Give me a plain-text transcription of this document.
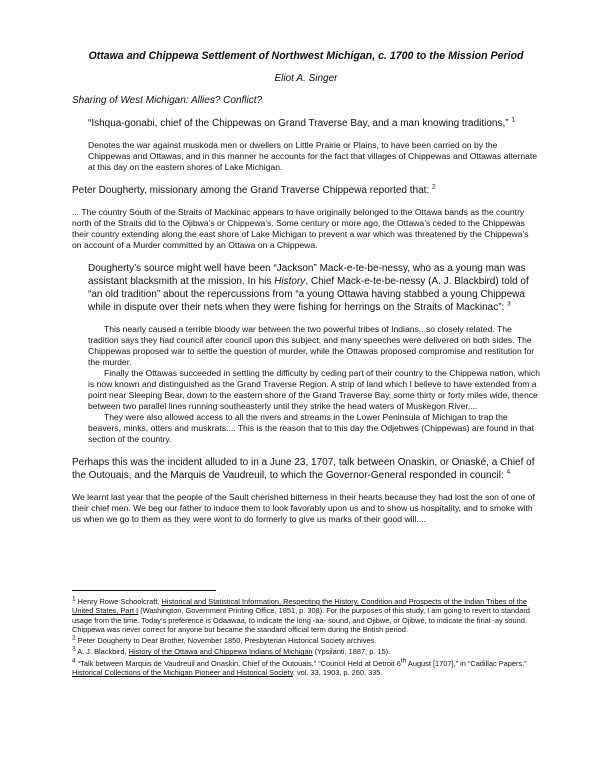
Ottawa and Chippewa Settlement of Northwest Michigan, c. 1700 to the Mission Period

Eliot A. Singer

Sharing of West Michigan: Allies? Conflict?

“Ishqua-gonabi, chief of the Chippewas on Grand Traverse Bay, and a man knowing traditions,” $^1$

Denotes the war against muskoda men or dwellers on Little Prairie or Plains, to have been carried on by the Chippewas and Ottawas, and in this manner he accounts for the fact that villages of Chippewas and Ottawas alternate at this day on the eastern shores of Lake Michigan.

Peter Dougherty, missionary among the Grand Traverse Chippewa reported that: $^2$

... The country South of the Straits of Mackinac appears to have originally belonged to the Ottawa bands as the country north of the Straits did to the Ojibwa’s or Chippewa’s. Some century or more ago, the Ottawa’s ceded to the Chippewas their country extending along the east shore of Lake Michigan to prevent a war which was threatened by the Chippewa’s on account of a Murder committed by an Ottawa on a Chippewa.

Dougherty’s source might well have been “Jackson” Mack-e-te-be-nessy, who as a young man was assistant blacksmith at the mission. In his History, Chief Mack-e-te-be-nessy (A. J. Blackbird) told of “an old tradition” about the repercussions from “a young Ottawa having stabbed a young Chippewa while in dispute over their nets when they were fishing for herrings on the Straits of Mackinac”: $^3$

This nearly caused a terrible bloody war between the two powerful tribes of Indians...so closely related. The tradition says they had council after council upon this subject, and many speeches were delivered on both sides. The Chippewas proposed war to settle the question of murder, while the Ottawas proposed compromise and restitution for the murder.

Finally the Ottawas succeeded in settling the difficulty by ceding part of their country to the Chippewa nation, which is now known and distinguished as the Grand Traverse Region. A strip of land which I believe to have extended from a point near Sleeping Bear, down to the eastern shore of the Grand Traverse Bay, some thirty or forty miles wide, thence between two parallel lines running southeasterly until they strike the head waters of Muskegon River....

They were also allowed access to all the rivers and streams in the Lower Peninsula of Michigan to trap the beavers, minks, otters and muskrats.... This is the reason that to this day the Odjebwes (Chippewas) are found in that section of the country.

Perhaps this was the incident alluded to in a June 23, 1707, talk between Onaskin, or Onaské, a Chief of the Outouais, and the Marquis de Vaudreuil, to which the Governor-General responded in council: $^4$

We learnt last year that the people of the Sault cherished bitterness in their hearts because they had lost the son of one of their chief men. We beg our father to induce them to look favorably upon us and to show us hospitality, and to smoke with us when we go to them as they were wont to do formerly to give us marks of their good will....

$^1$ Henry Rowe Schoolcraft, Historical and Statistical Information, Respecting the History, Condition and Prospects of the Indian Tribes of the United States, Part I (Washington, Government Printing Office, 1851, p. 308). For the purposes of this study, I am going to revert to standard usage from the time. Today’s preference is Odaawaa, to indicate the long -aa- sound, and Ojibwe, or Ojibwé, to indicate the final -ay sound. Chippewa was never correct for anyone but became the standard official term during the British period.

$^2$ Peter Dougherty to Dear Brother, November 1850, Presbyterian Historical Society archives.

$^3$ A. J. Blackbird, History of the Ottawa and Chippewa Indians of Michigan (Ypsilanti, 1887, p. 15).

$^4$ “Talk between Marquis de Vaudreuil and Onaskin, Chief of the Outouais,” “Council Held at Detroit 6th August [1707],” in “Cadillac Papers,” Historical Collections of the Michigan Pioneer and Historical Society, vol. 33, 1903, p. 260, 335.
